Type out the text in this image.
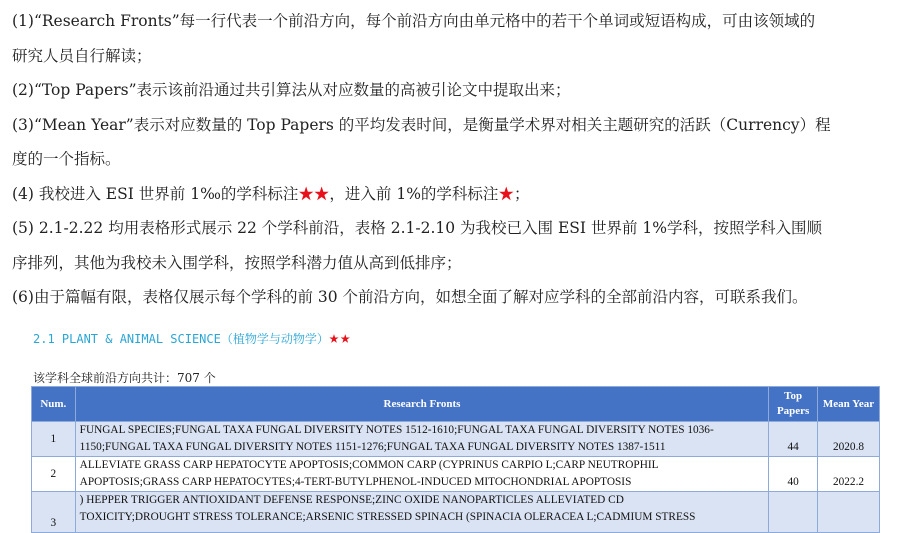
(1)“Research Fronts”每一行代表一个前沿方向，每个前沿方向由单元格中的若干个单词或短语构成，可由该领域的

研究人员自行解读；

(2)“Top Papers”表示该前沿通过共引算法从对应数量的高被引论文中提取出来；

(3)“Mean Year”表示对应数量的 Top Papers 的平均发表时间，是衡量学术界对相关主题研究的活跃（Currency）程

度的一个指标。

(4) 我校进入 ESI 世界前 1‰的学科标注★★，进入前 1%的学科标注★；

(5) 2.1-2.22 均用表格形式展示 22 个学科前沿，表格 2.1-2.10 为我校已入围 ESI 世界前 1%学科，按照学科入围顺

序排列，其他为我校未入围学科，按照学科潜力值从高到低排序；

(6)由于篇幅有限，表格仅展示每个学科的前 30 个前沿方向，如想全面了解对应学科的全部前沿内容，可联系我们。

2.1 PLANT & ANIMAL SCIENCE（植物学与动物学）★★
该学科全球前沿方向共计：707 个
Num.	Research Fronts	Top Papers	Mean Year
1	FUNGAL SPECIES;FUNGAL TAXA FUNGAL DIVERSITY NOTES 1512-1610;FUNGAL TAXA FUNGAL DIVERSITY NOTES 1036-
1150;FUNGAL TAXA FUNGAL DIVERSITY NOTES 1151-1276;FUNGAL TAXA FUNGAL DIVERSITY NOTES 1387-1511	44	2020.8
2	ALLEVIATE GRASS CARP HEPATOCYTE APOPTOSIS;COMMON CARP (CYPRINUS CARPIO L;CARP NEUTROPHIL
APOPTOSIS;GRASS CARP HEPATOCYTES;4-TERT-BUTYLPHENOL-INDUCED MITOCHONDRIAL APOPTOSIS	40	2022.2
3	) HEPPER TRIGGER ANTIOXIDANT DEFENSE RESPONSE;ZINC OXIDE NANOPARTICLES ALLEVIATED CD
TOXICITY;DROUGHT STRESS TOLERANCE;ARSENIC STRESSED SPINACH (SPINACIA OLERACEA L;CADMIUM STRESS		
